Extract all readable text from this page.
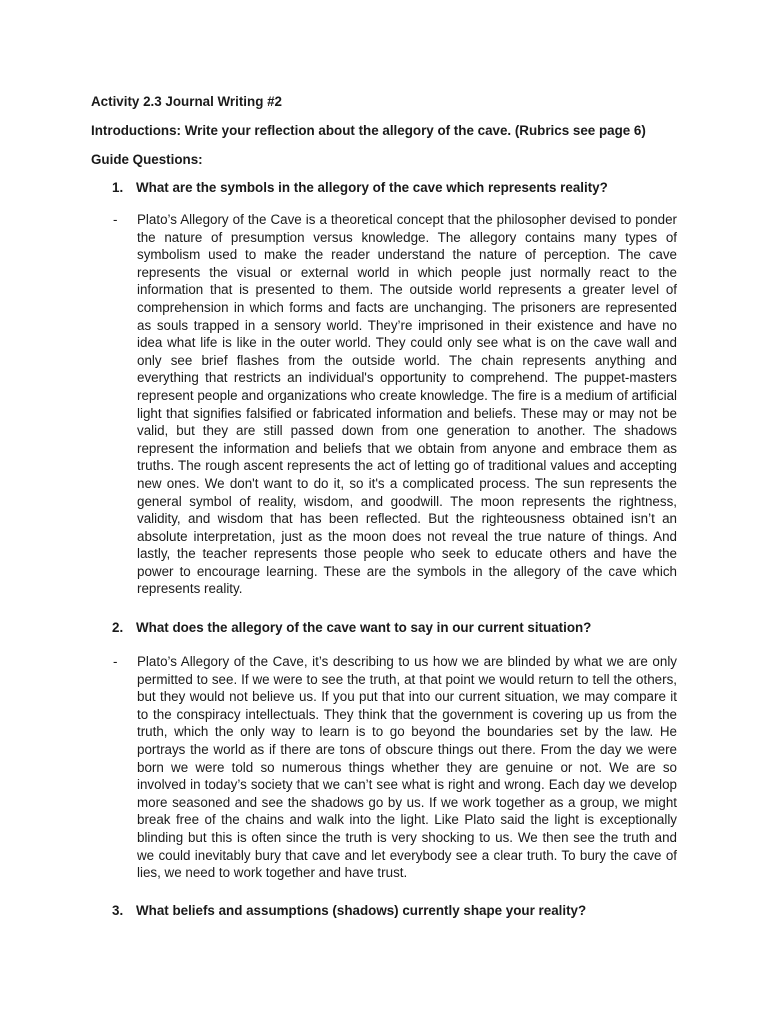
Activity 2.3 Journal Writing #2
Introductions: Write your reflection about the allegory of the cave. (Rubrics see page 6)
Guide Questions:
1. What are the symbols in the allegory of the cave which represents reality?
- Plato’s Allegory of the Cave is a theoretical concept that the philosopher devised to ponder the nature of presumption versus knowledge. The allegory contains many types of symbolism used to make the reader understand the nature of perception. The cave represents the visual or external world in which people just normally react to the information that is presented to them. The outside world represents a greater level of comprehension in which forms and facts are unchanging. The prisoners are represented as souls trapped in a sensory world. They’re imprisoned in their existence and have no idea what life is like in the outer world. They could only see what is on the cave wall and only see brief flashes from the outside world. The chain represents anything and everything that restricts an individual's opportunity to comprehend. The puppet-masters represent people and organizations who create knowledge. The fire is a medium of artificial light that signifies falsified or fabricated information and beliefs. These may or may not be valid, but they are still passed down from one generation to another. The shadows represent the information and beliefs that we obtain from anyone and embrace them as truths. The rough ascent represents the act of letting go of traditional values and accepting new ones. We don't want to do it, so it's a complicated process. The sun represents the general symbol of reality, wisdom, and goodwill. The moon represents the rightness, validity, and wisdom that has been reflected. But the righteousness obtained isn’t an absolute interpretation, just as the moon does not reveal the true nature of things. And lastly, the teacher represents those people who seek to educate others and have the power to encourage learning. These are the symbols in the allegory of the cave which represents reality.
2. What does the allegory of the cave want to say in our current situation?
- Plato’s Allegory of the Cave, it’s describing to us how we are blinded by what we are only permitted to see. If we were to see the truth, at that point we would return to tell the others, but they would not believe us. If you put that into our current situation, we may compare it to the conspiracy intellectuals. They think that the government is covering up us from the truth, which the only way to learn is to go beyond the boundaries set by the law. He portrays the world as if there are tons of obscure things out there. From the day we were born we were told so numerous things whether they are genuine or not. We are so involved in today’s society that we can’t see what is right and wrong. Each day we develop more seasoned and see the shadows go by us. If we work together as a group, we might break free of the chains and walk into the light. Like Plato said the light is exceptionally blinding but this is often since the truth is very shocking to us. We then see the truth and we could inevitably bury that cave and let everybody see a clear truth. To bury the cave of lies, we need to work together and have trust.
3. What beliefs and assumptions (shadows) currently shape your reality?
